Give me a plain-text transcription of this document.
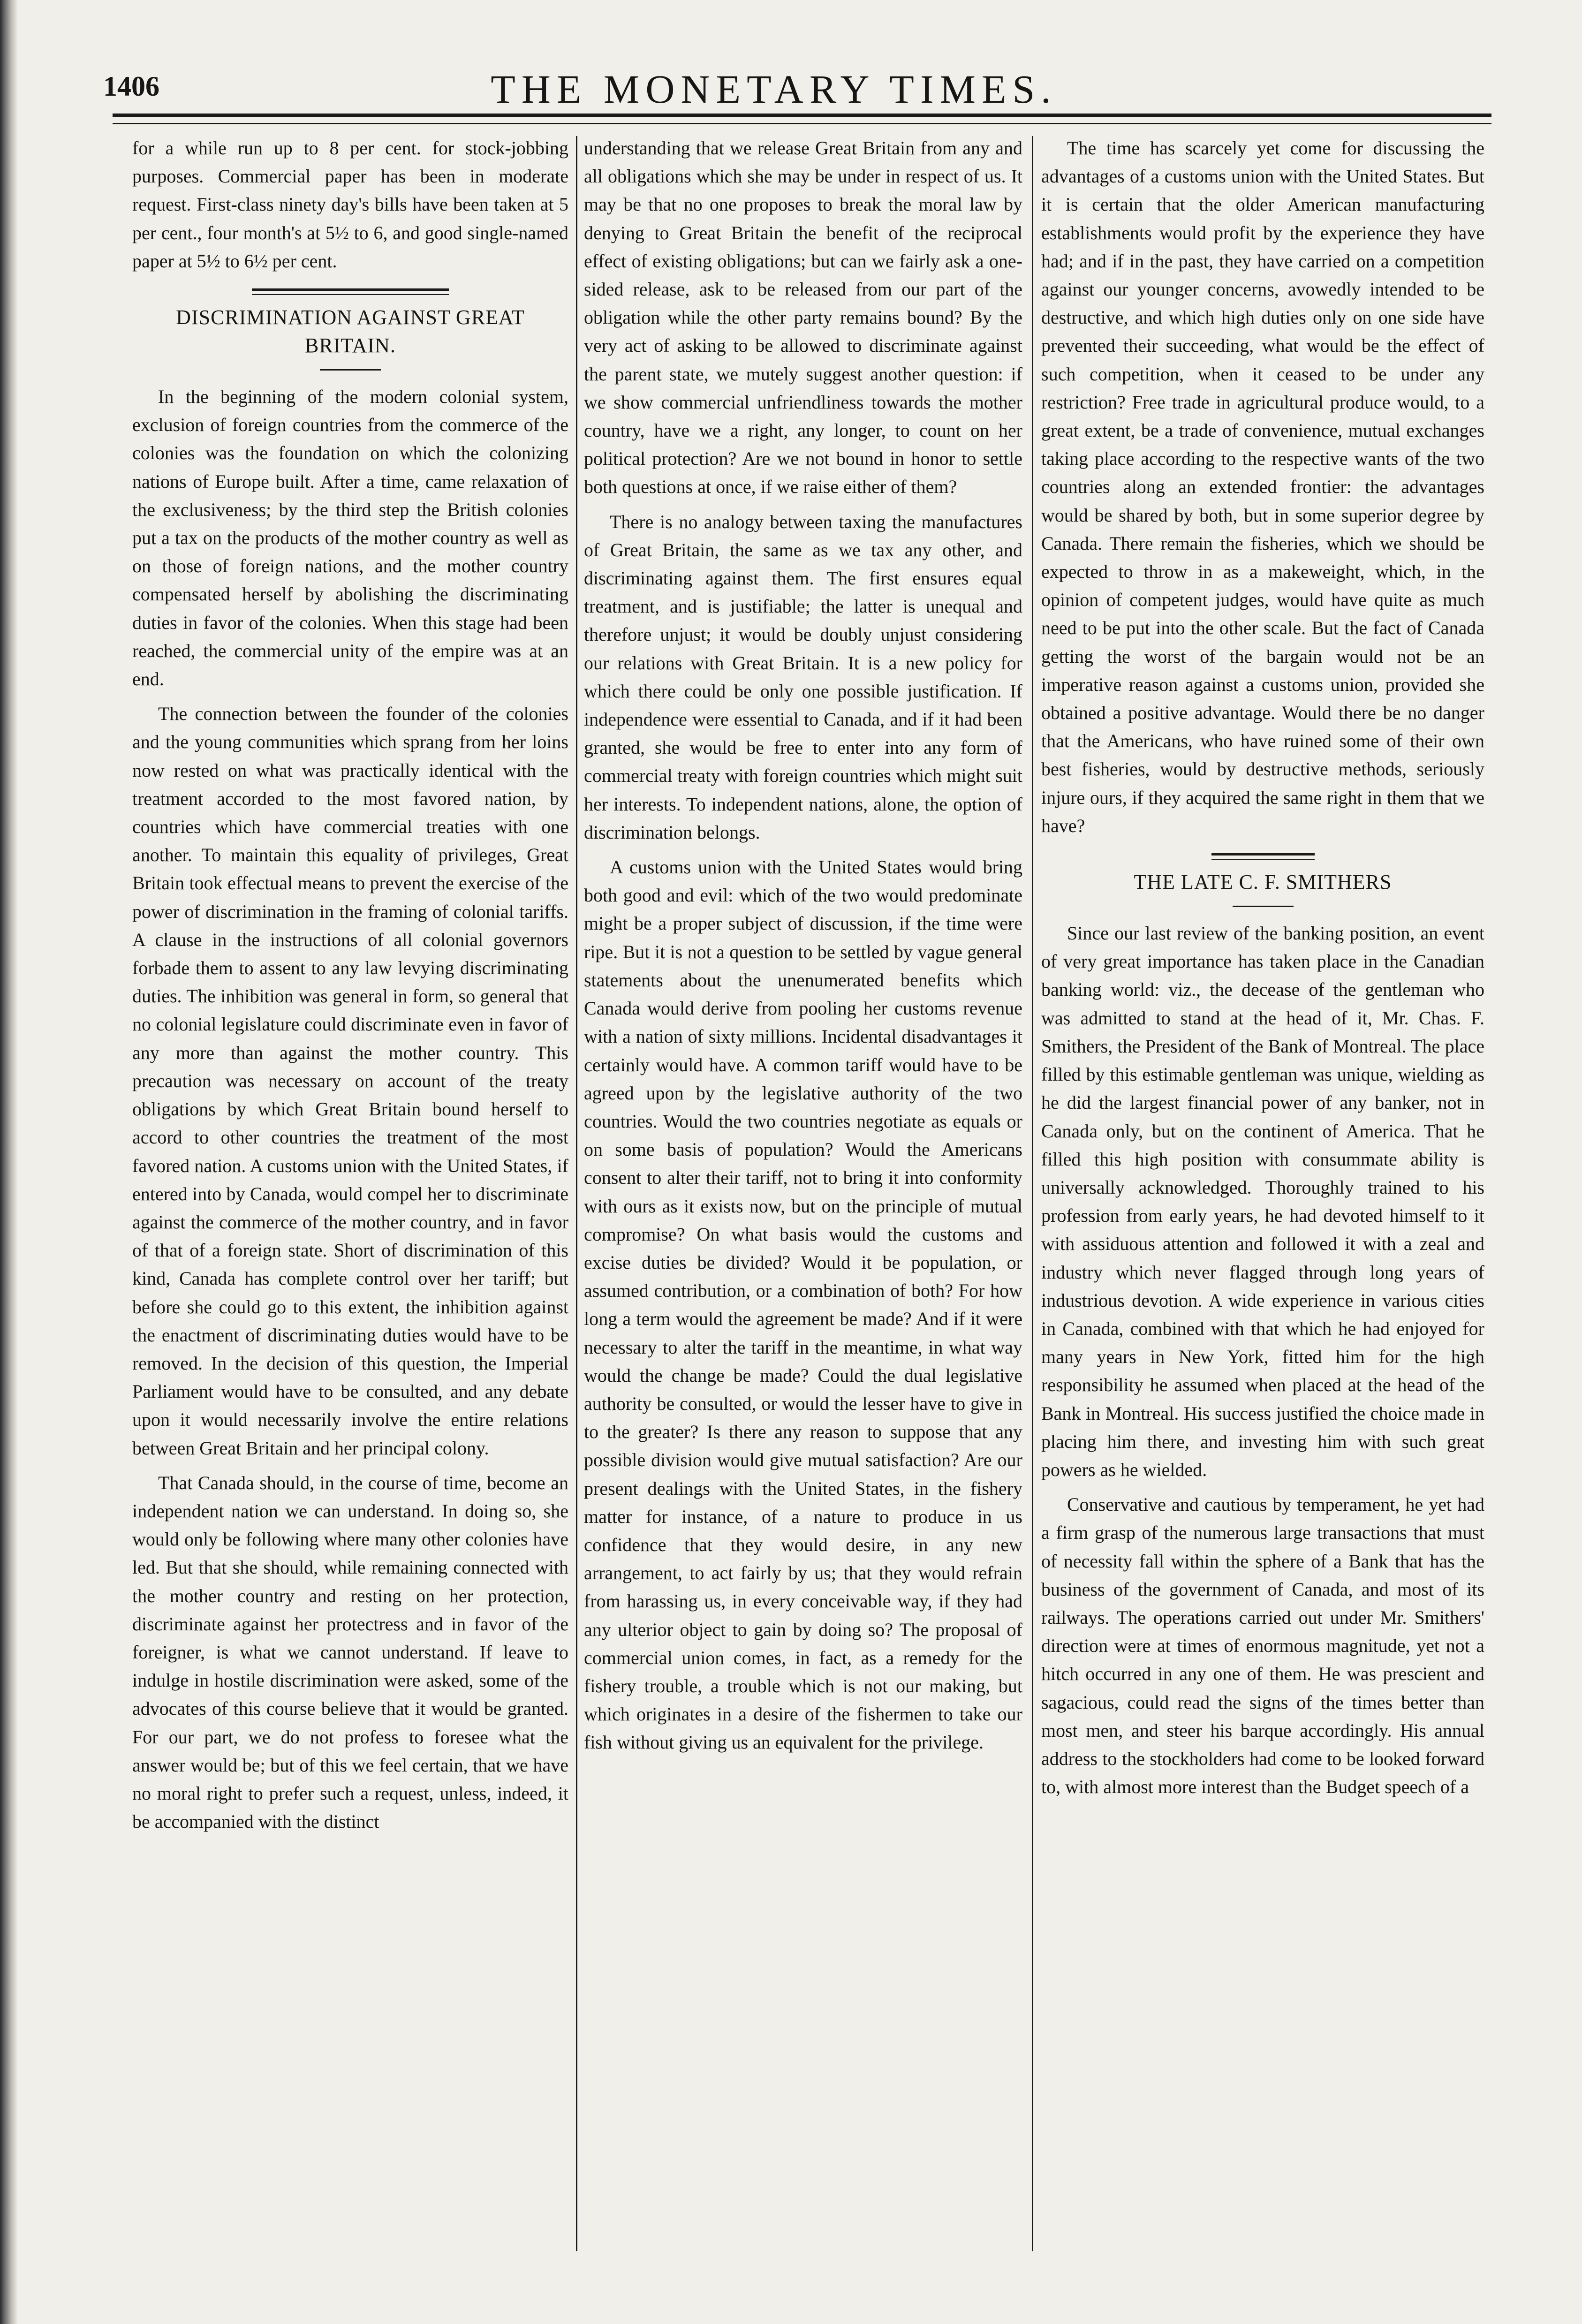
1406	THE MONETARY TIMES.

for a while run up to 8 per cent. for stock-jobbing purposes. Commercial paper has been in moderate request. First-class ninety day's bills have been taken at 5 per cent., four month's at 5½ to 6, and good single-named paper at 5½ to 6½ per cent.

DISCRIMINATION AGAINST GREAT BRITAIN.

In the beginning of the modern colonial system, exclusion of foreign countries from the commerce of the colonies was the foundation on which the colonizing nations of Europe built. After a time, came relaxation of the exclusiveness; by the third step the British colonies put a tax on the products of the mother country as well as on those of foreign nations, and the mother country compensated herself by abolishing the discriminating duties in favor of the colonies. When this stage had been reached, the commercial unity of the empire was at an end.

The connection between the founder of the colonies and the young communities which sprang from her loins now rested on what was practically identical with the treatment accorded to the most favored nation, by countries which have commercial treaties with one another. To maintain this equality of privileges, Great Britain took effectual means to prevent the exercise of the power of discrimination in the framing of colonial tariffs. A clause in the instructions of all colonial governors forbade them to assent to any law levying discriminating duties. The inhibition was general in form, so general that no colonial legislature could discriminate even in favor of any more than against the mother country. This precaution was necessary on account of the treaty obligations by which Great Britain bound herself to accord to other countries the treatment of the most favored nation. A customs union with the United States, if entered into by Canada, would compel her to discriminate against the commerce of the mother country, and in favor of that of a foreign state. Short of discrimination of this kind, Canada has complete control over her tariff; but before she could go to this extent, the inhibition against the enactment of discriminating duties would have to be removed. In the decision of this question, the Imperial Parliament would have to be consulted, and any debate upon it would necessarily involve the entire relations between Great Britain and her principal colony.

That Canada should, in the course of time, become an independent nation we can understand. In doing so, she would only be following where many other colonies have led. But that she should, while remaining connected with the mother country and resting on her protection, discriminate against her protectress and in favor of the foreigner, is what we cannot understand. If leave to indulge in hostile discrimination were asked, some of the advocates of this course believe that it would be granted. For our part, we do not profess to foresee what the answer would be; but of this we feel certain, that we have no moral right to prefer such a request, unless, indeed, it be accompanied with the distinct

understanding that we release Great Britain from any and all obligations which she may be under in respect of us. It may be that no one proposes to break the moral law by denying to Great Britain the benefit of the reciprocal effect of existing obligations; but can we fairly ask a one-sided release, ask to be released from our part of the obligation while the other party remains bound? By the very act of asking to be allowed to discriminate against the parent state, we mutely suggest another question: if we show commercial unfriendliness towards the mother country, have we a right, any longer, to count on her political protection? Are we not bound in honor to settle both questions at once, if we raise either of them?

There is no analogy between taxing the manufactures of Great Britain, the same as we tax any other, and discriminating against them. The first ensures equal treatment, and is justifiable; the latter is unequal and therefore unjust; it would be doubly unjust considering our relations with Great Britain. It is a new policy for which there could be only one possible justification. If independence were essential to Canada, and if it had been granted, she would be free to enter into any form of commercial treaty with foreign countries which might suit her interests. To independent nations, alone, the option of discrimination belongs.

A customs union with the United States would bring both good and evil: which of the two would predominate might be a proper subject of discussion, if the time were ripe. But it is not a question to be settled by vague general statements about the unenumerated benefits which Canada would derive from pooling her customs revenue with a nation of sixty millions. Incidental disadvantages it certainly would have. A common tariff would have to be agreed upon by the legislative authority of the two countries. Would the two countries negotiate as equals or on some basis of population? Would the Americans consent to alter their tariff, not to bring it into conformity with ours as it exists now, but on the principle of mutual compromise? On what basis would the customs and excise duties be divided? Would it be population, or assumed contribution, or a combination of both? For how long a term would the agreement be made? And if it were necessary to alter the tariff in the meantime, in what way would the change be made? Could the dual legislative authority be consulted, or would the lesser have to give in to the greater? Is there any reason to suppose that any possible division would give mutual satisfaction? Are our present dealings with the United States, in the fishery matter for instance, of a nature to produce in us confidence that they would desire, in any new arrangement, to act fairly by us; that they would refrain from harassing us, in every conceivable way, if they had any ulterior object to gain by doing so? The proposal of commercial union comes, in fact, as a remedy for the fishery trouble, a trouble which is not our making, but which originates in a desire of the fishermen to take our fish without giving us an equivalent for the privilege.

The time has scarcely yet come for discussing the advantages of a customs union with the United States. But it is certain that the older American manufacturing establishments would profit by the experience they have had; and if in the past, they have carried on a competition against our younger concerns, avowedly intended to be destructive, and which high duties only on one side have prevented their succeeding, what would be the effect of such competition, when it ceased to be under any restriction? Free trade in agricultural produce would, to a great extent, be a trade of convenience, mutual exchanges taking place according to the respective wants of the two countries along an extended frontier: the advantages would be shared by both, but in some superior degree by Canada. There remain the fisheries, which we should be expected to throw in as a makeweight, which, in the opinion of competent judges, would have quite as much need to be put into the other scale. But the fact of Canada getting the worst of the bargain would not be an imperative reason against a customs union, provided she obtained a positive advantage. Would there be no danger that the Americans, who have ruined some of their own best fisheries, would by destructive methods, seriously injure ours, if they acquired the same right in them that we have?

THE LATE C. F. SMITHERS

Since our last review of the banking position, an event of very great importance has taken place in the Canadian banking world: viz., the decease of the gentleman who was admitted to stand at the head of it, Mr. Chas. F. Smithers, the President of the Bank of Montreal. The place filled by this estimable gentleman was unique, wielding as he did the largest financial power of any banker, not in Canada only, but on the continent of America. That he filled this high position with consummate ability is universally acknowledged. Thoroughly trained to his profession from early years, he had devoted himself to it with assiduous attention and followed it with a zeal and industry which never flagged through long years of industrious devotion. A wide experience in various cities in Canada, combined with that which he had enjoyed for many years in New York, fitted him for the high responsibility he assumed when placed at the head of the Bank in Montreal. His success justified the choice made in placing him there, and investing him with such great powers as he wielded.

Conservative and cautious by temperament, he yet had a firm grasp of the numerous large transactions that must of necessity fall within the sphere of a Bank that has the business of the government of Canada, and most of its railways. The operations carried out under Mr. Smithers' direction were at times of enormous magnitude, yet not a hitch occurred in any one of them. He was prescient and sagacious, could read the signs of the times better than most men, and steer his barque accordingly. His annual address to the stockholders had come to be looked forward to, with almost more interest than the Budget speech of a
